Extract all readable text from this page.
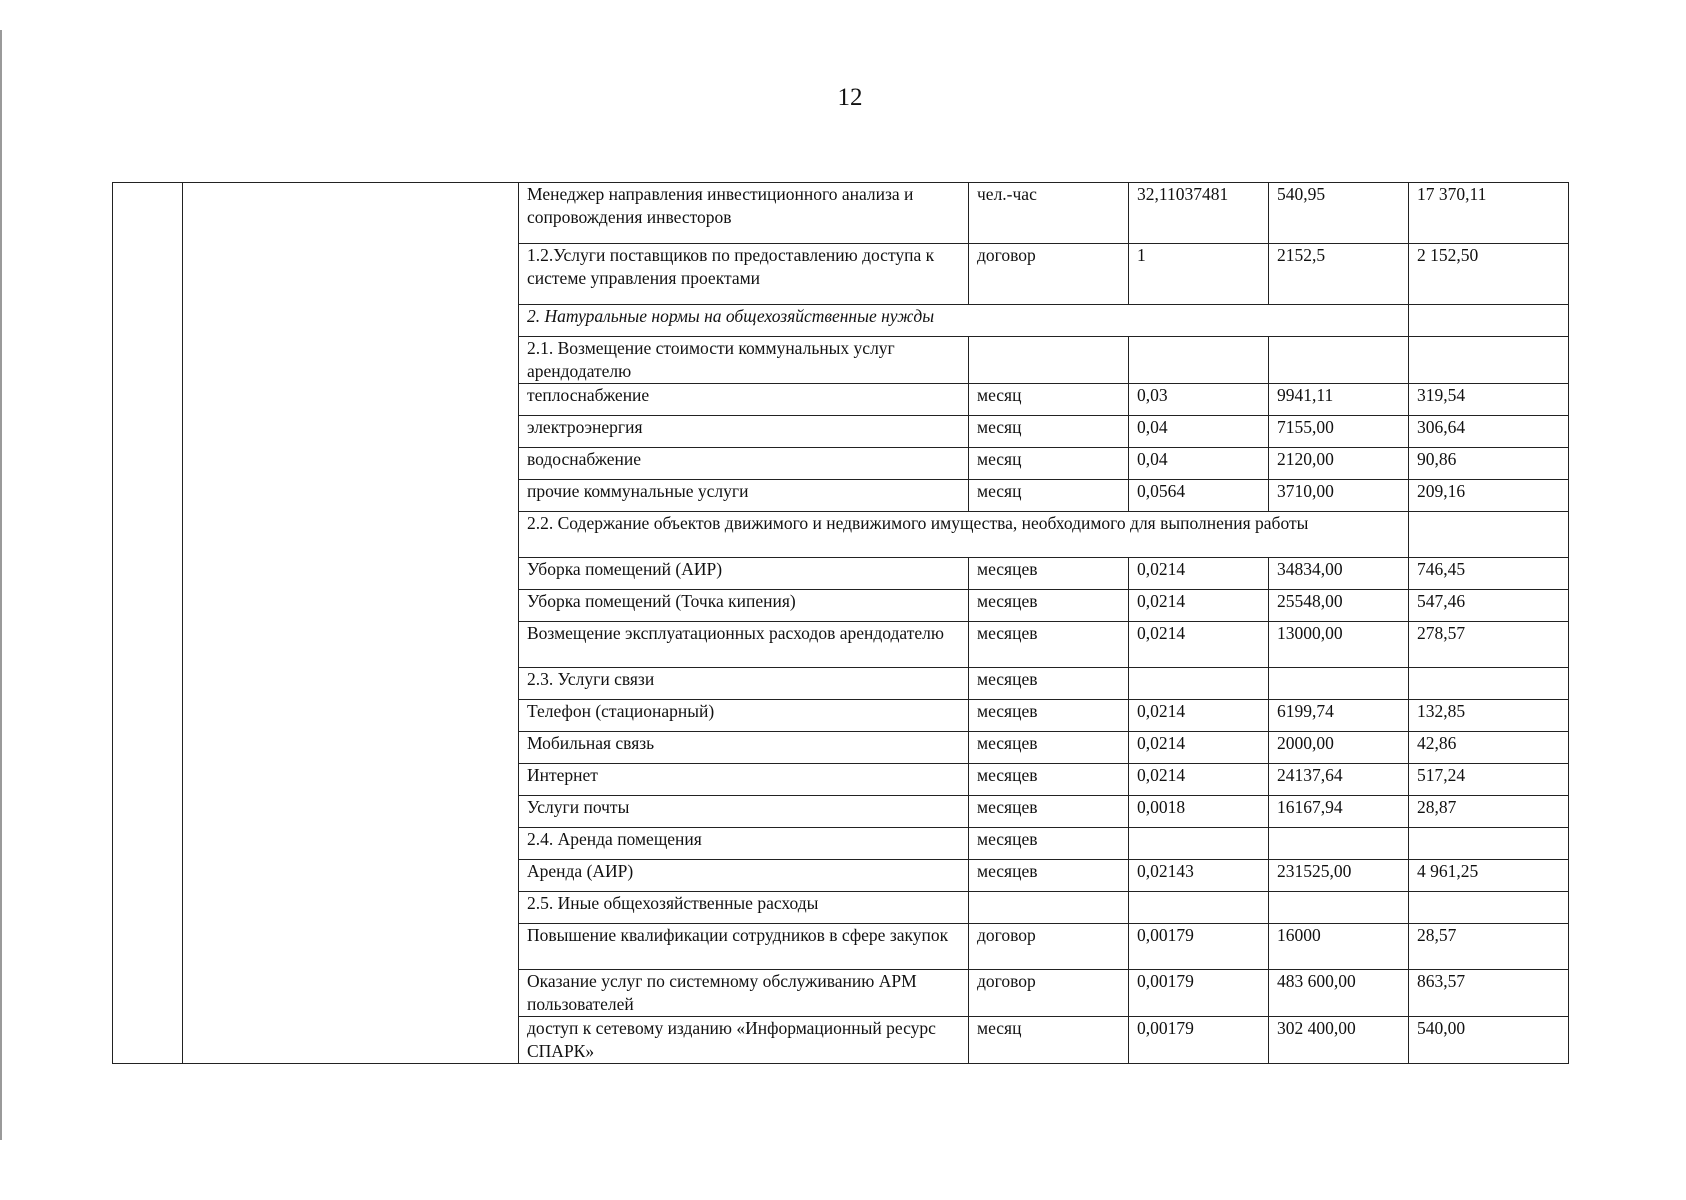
12
		Менеджер направления инвестиционного анализа и сопровождения инвесторов	чел.-час	32,11037481	540,95	17 370,11
		1.2.Услуги поставщиков по предоставлению доступа к системе управления проектами	договор	1	2152,5	2 152,50
		2. Натуральные нормы на общехозяйственные нужды				
		2.1. Возмещение стоимости коммунальных услуг арендодателю				
		теплоснабжение	месяц	0,03	9941,11	319,54
		электроэнергия	месяц	0,04	7155,00	306,64
		водоснабжение	месяц	0,04	2120,00	90,86
		прочие коммунальные услуги	месяц	0,0564	3710,00	209,16
		2.2. Содержание объектов движимого и недвижимого имущества, необходимого для выполнения работы				
		Уборка помещений (АИР)	месяцев	0,0214	34834,00	746,45
		Уборка помещений (Точка кипения)	месяцев	0,0214	25548,00	547,46
		Возмещение эксплуатационных расходов арендодателю	месяцев	0,0214	13000,00	278,57
		2.3. Услуги связи	месяцев			
		Телефон (стационарный)	месяцев	0,0214	6199,74	132,85
		Мобильная связь	месяцев	0,0214	2000,00	42,86
		Интернет	месяцев	0,0214	24137,64	517,24
		Услуги почты	месяцев	0,0018	16167,94	28,87
		2.4. Аренда помещения	месяцев			
		Аренда (АИР)	месяцев	0,02143	231525,00	4 961,25
		2.5. Иные общехозяйственные расходы				
		Повышение квалификации сотрудников в сфере закупок	договор	0,00179	16000	28,57
		Оказание услуг по системному обслуживанию АРМ пользователей	договор	0,00179	483 600,00	863,57
		доступ к сетевому изданию «Информационный ресурс СПАРК»	месяц	0,00179	302 400,00	540,00
